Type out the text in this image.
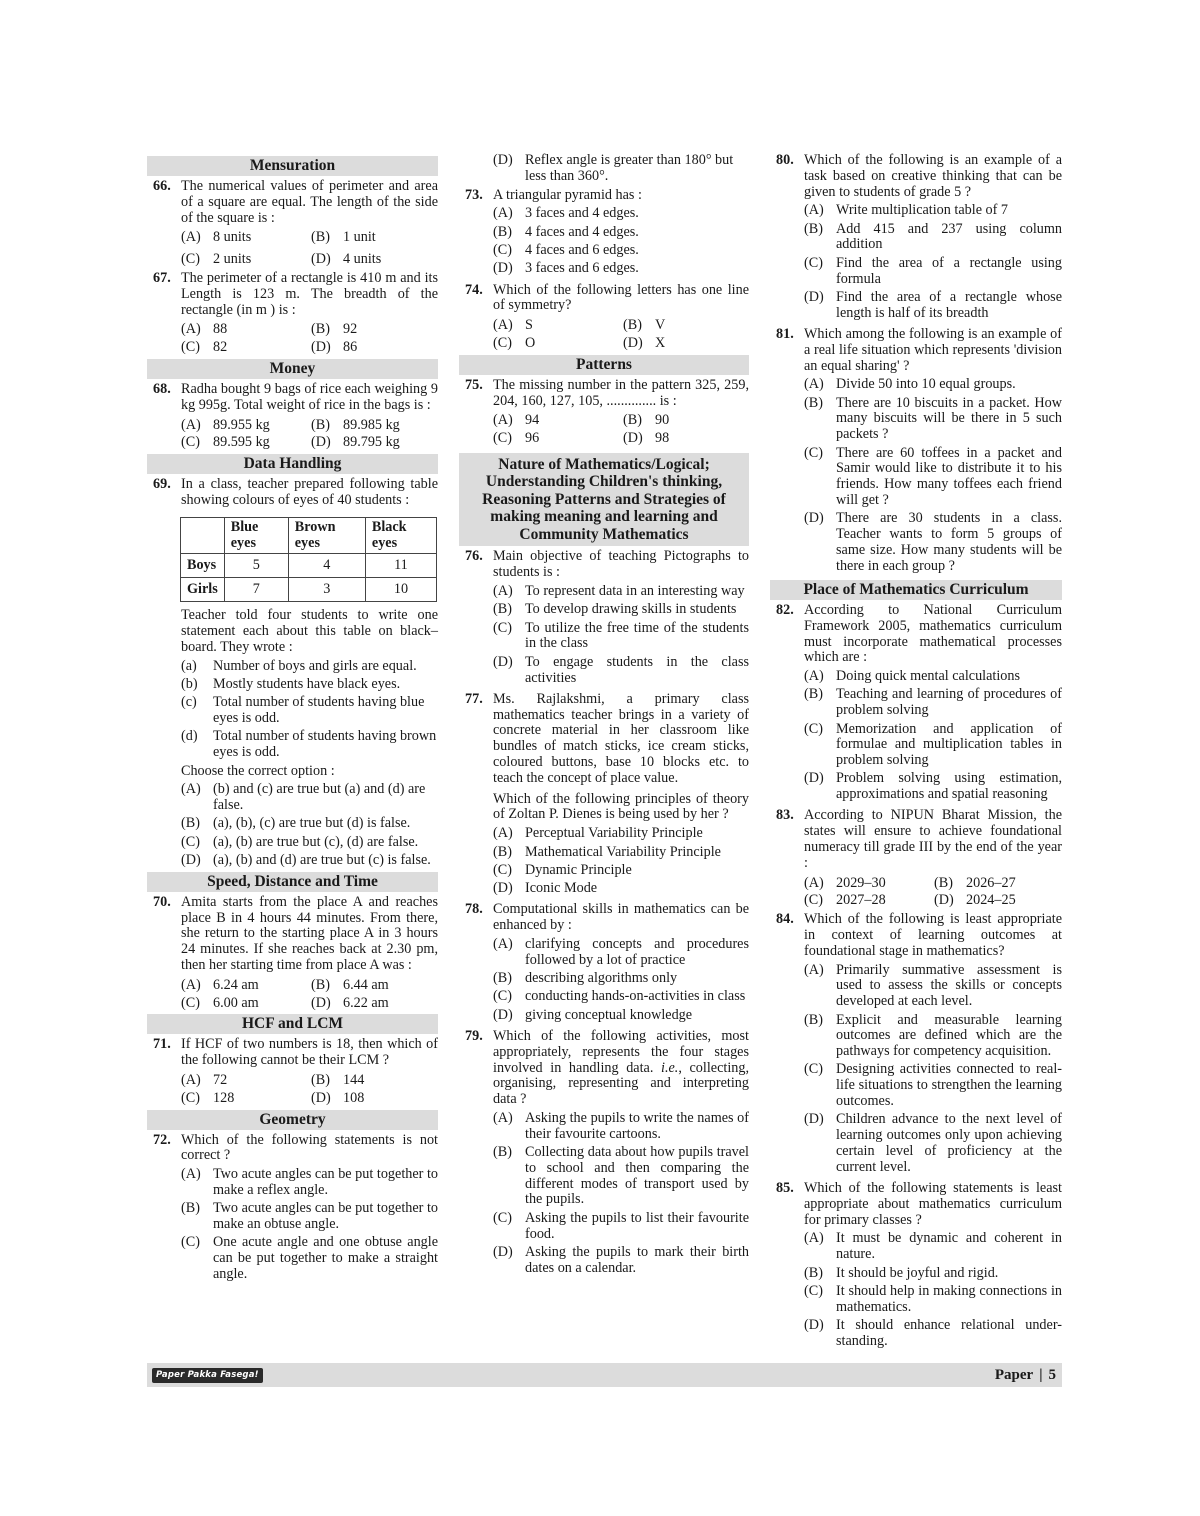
Mensuration
66. The numerical values of perimeter and area of a square are equal. The length of the side of the square is :

(A) 8 units	(B) 1 unit
(C) 2 units	(D) 4 units
67. The perimeter of a rectangle is 410 m and its Length is 123 m. The breadth of the rectangle (in m ) is :

(A) 88	(B) 92
(C) 82	(D) 86
Money
68. Radha bought 9 bags of rice each weighing 9 kg 995g. Total weight of rice in the bags is :

(A) 89.955 kg	(B) 89.985 kg
(C) 89.595 kg	(D) 89.795 kg
Data Handling
69. In a class, teacher prepared following table showing colours of eyes of 40 students :

	Blue eyes	Brown eyes	Black eyes
Boys	5	4	11
Girls	7	3	10

Teacher told four students to write one statement each about this table on black–board. They wrote :

(a)	Number of boys and girls are equal.
(b)	Mostly students have black eyes.
(c)	Total number of students having blue eyes is odd.
(d)	Total number of students having brown eyes is odd.

Choose the correct option :

(A) (b) and (c) are true but (a) and (d) are false.
(B) (a), (b), (c) are true but (d) is false.
(C) (a), (b) are true but (c), (d) are false.
(D) (a), (b) and (d) are true but (c) is false.
Speed, Distance and Time
70. Amita starts from the place A and reaches place B in 4 hours 44 minutes. From there, she return to the starting place A in 3 hours 24 minutes. If she reaches back at 2.30 pm, then her starting time from place A was :

(A) 6.24 am	(B) 6.44 am
(C) 6.00 am	(D) 6.22 am
HCF and LCM
71. If HCF of two numbers is 18, then which of the following cannot be their LCM ?

(A) 72	(B) 144
(C) 128	(D) 108
Geometry
72. Which of the following statements is not correct ?

(A) Two acute angles can be put together to make a reflex angle.
(B) Two acute angles can be put together to make an obtuse angle.
(C) One acute angle and one obtuse angle can be put together to make a straight angle.
(D) Reflex angle is greater than 180° but less than 360°.
73. A triangular pyramid has :

(A) 3 faces and 4 edges.
(B) 4 faces and 4 edges.
(C) 4 faces and 6 edges.
(D) 3 faces and 6 edges.
74. Which of the following letters has one line of symmetry?

(A) S	(B) V
(C) O	(D) X
Patterns
75. The missing number in the pattern 325, 259, 204, 160, 127, 105, .............. is :

(A) 94	(B) 90
(C) 96	(D) 98
Nature of Mathematics/Logical; Understanding Children's thinking, Reasoning Patterns and Strategies of making meaning and learning and Community Mathematics
76. Main objective of teaching Pictographs to students is :

(A) To represent data in an interesting way
(B) To develop drawing skills in students
(C) To utilize the free time of the students in the class
(D) To engage students in the class activities
77. Ms. Rajlakshmi, a primary class mathematics teacher brings in a variety of concrete material in her classroom like bundles of match sticks, ice cream sticks, coloured buttons, base 10 blocks etc. to teach the concept of place value.

Which of the following principles of theory of Zoltan P. Dienes is being used by her ?

(A) Perceptual Variability Principle
(B) Mathematical Variability Principle
(C) Dynamic Principle
(D) Iconic Mode
78. Computational skills in mathematics can be enhanced by :

(A) clarifying concepts and procedures followed by a lot of practice
(B) describing algorithms only
(C) conducting hands-on-activities in class
(D) giving conceptual knowledge
79. Which of the following activities, most appropriately, represents the four stages involved in handling data. i.e., collecting, organising, representing and interpreting data ?

(A) Asking the pupils to write the names of their favourite cartoons.
(B) Collecting data about how pupils travel to school and then comparing the different modes of transport used by the pupils.
(C) Asking the pupils to list their favourite food.
(D) Asking the pupils to mark their birth dates on a calendar.
80. Which of the following is an example of a task based on creative thinking that can be given to students of grade 5 ?

(A) Write multiplication table of 7
(B) Add 415 and 237 using column addition
(C) Find the area of a rectangle using formula
(D) Find the area of a rectangle whose length is half of its breadth
81. Which among the following is an example of a real life situation which represents 'division an equal sharing' ?

(A) Divide 50 into 10 equal groups.
(B) There are 10 biscuits in a packet. How many biscuits will be there in 5 such packets ?
(C) There are 60 toffees in a packet and Samir would like to distribute it to his friends. How many toffees each friend will get ?
(D) There are 30 students in a class. Teacher wants to form 5 groups of same size. How many students will be there in each group ?
Place of Mathematics Curriculum
82. According to National Curriculum Framework 2005, mathematics curriculum must incorporate mathematical processes which are :

(A) Doing quick mental calculations
(B) Teaching and learning of procedures of problem solving
(C) Memorization and application of formulae and multiplication tables in problem solving
(D) Problem solving using estimation, approximations and spatial reasoning
83. According to NIPUN Bharat Mission, the states will ensure to achieve foundational numeracy till grade III by the end of the year :

(A) 2029–30	(B) 2026–27
(C) 2027–28	(D) 2024–25
84. Which of the following is least appropriate in context of learning outcomes at foundational stage in mathematics?

(A) Primarily summative assessment is used to assess the skills or concepts developed at each level.
(B) Explicit and measurable learning outcomes are defined which are the pathways for competency acquisition.
(C) Designing activities connected to real-life situations to strengthen the learning outcomes.
(D) Children advance to the next level of learning outcomes only upon achieving certain level of proficiency at the current level.
85. Which of the following statements is least appropriate about mathematics curriculum for primary classes ?

(A) It must be dynamic and coherent in nature.
(B) It should be joyful and rigid.
(C) It should help in making connections in mathematics.
(D) It should enhance relational under-standing.
Paper Pakka Fasega!	Paper | 5
